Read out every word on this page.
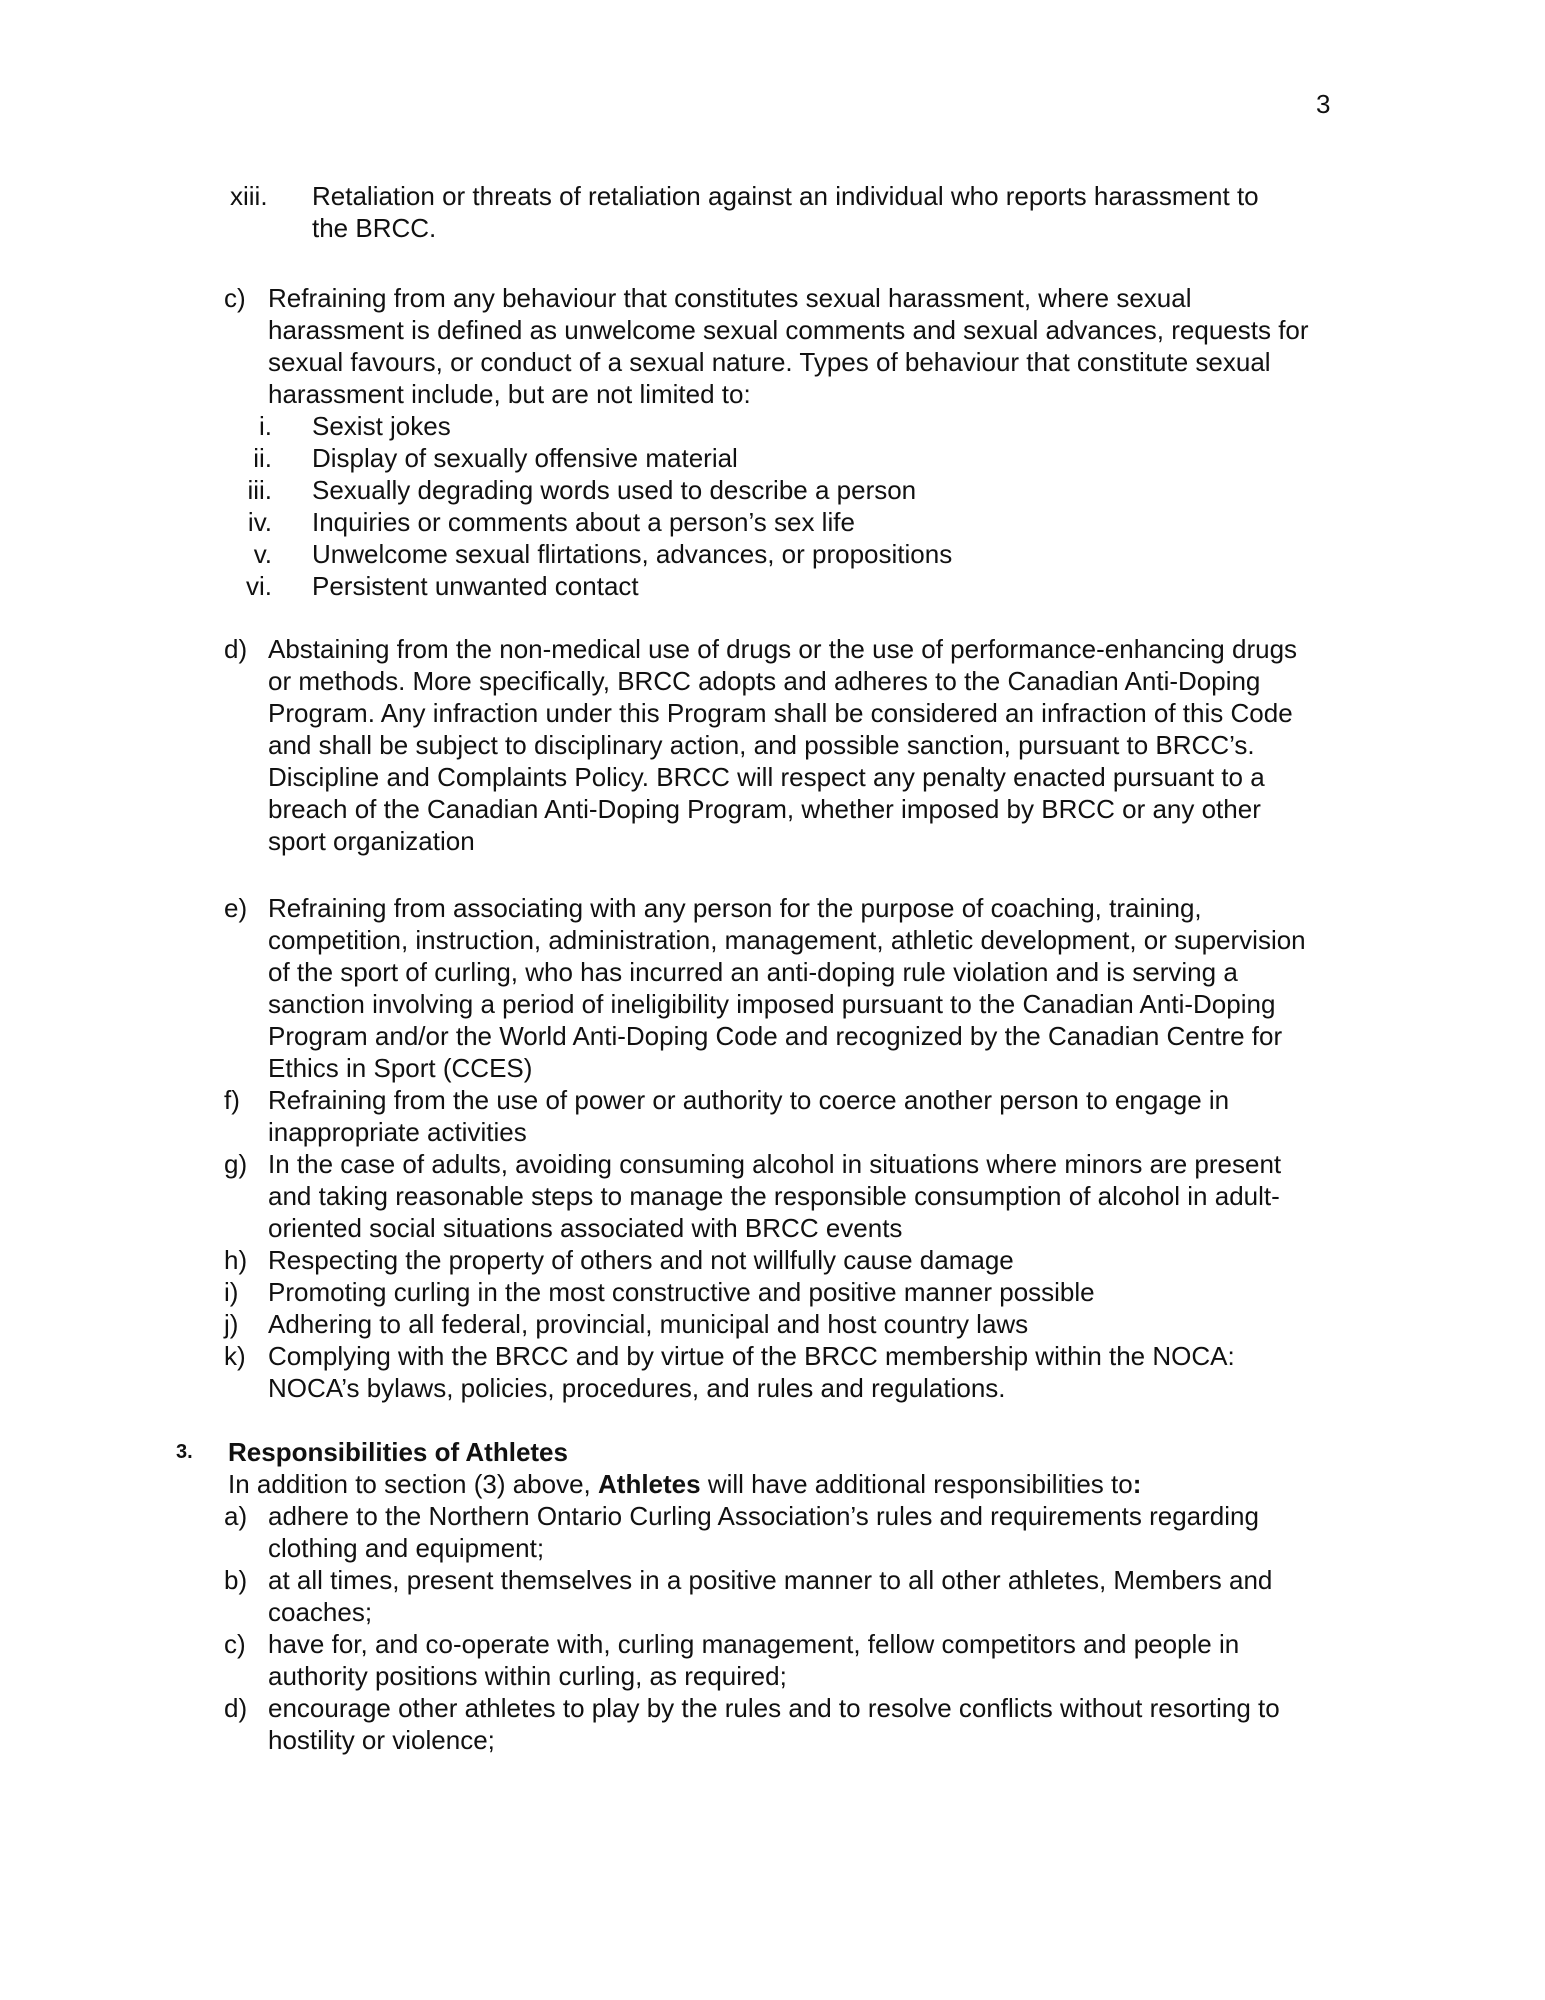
3
xiii.	Retaliation or threats of retaliation against an individual who reports harassment to
the BRCC.
c) Refraining from any behaviour that constitutes sexual harassment, where sexual
harassment is defined as unwelcome sexual comments and sexual advances, requests for
sexual favours, or conduct of a sexual nature. Types of behaviour that constitute sexual
harassment include, but are not limited to:
i. Sexist jokes
ii. Display of sexually offensive material
iii. Sexually degrading words used to describe a person
iv. Inquiries or comments about a person’s sex life
v. Unwelcome sexual flirtations, advances, or propositions
vi. Persistent unwanted contact
d) Abstaining from the non-medical use of drugs or the use of performance-enhancing drugs
or methods. More specifically, BRCC adopts and adheres to the Canadian Anti-Doping
Program. Any infraction under this Program shall be considered an infraction of this Code
and shall be subject to disciplinary action, and possible sanction, pursuant to BRCC’s.
Discipline and Complaints Policy. BRCC will respect any penalty enacted pursuant to a
breach of the Canadian Anti-Doping Program, whether imposed by BRCC or any other
sport organization
e) Refraining from associating with any person for the purpose of coaching, training,
competition, instruction, administration, management, athletic development, or supervision
of the sport of curling, who has incurred an anti-doping rule violation and is serving a
sanction involving a period of ineligibility imposed pursuant to the Canadian Anti-Doping
Program and/or the World Anti-Doping Code and recognized by the Canadian Centre for
Ethics in Sport (CCES)
f)	Refraining from the use of power or authority to coerce another person to engage in
inappropriate activities
g) In the case of adults, avoiding consuming alcohol in situations where minors are present
and taking reasonable steps to manage the responsible consumption of alcohol in adult-
oriented social situations associated with BRCC events
h) Respecting the property of others and not willfully cause damage
i)	Promoting curling in the most constructive and positive manner possible
j)	Adhering to all federal, provincial, municipal and host country laws
k) Complying with the BRCC and by virtue of the BRCC membership within the NOCA:
NOCA’s bylaws, policies, procedures, and rules and regulations.
3. Responsibilities of Athletes
In addition to section (3) above, Athletes will have additional responsibilities to:
a) adhere to the Northern Ontario Curling Association’s rules and requirements regarding
clothing and equipment;
b) at all times, present themselves in a positive manner to all other athletes, Members and
coaches;
c) have for, and co-operate with, curling management, fellow competitors and people in
authority positions within curling, as required;
d) encourage other athletes to play by the rules and to resolve conflicts without resorting to
hostility or violence;
